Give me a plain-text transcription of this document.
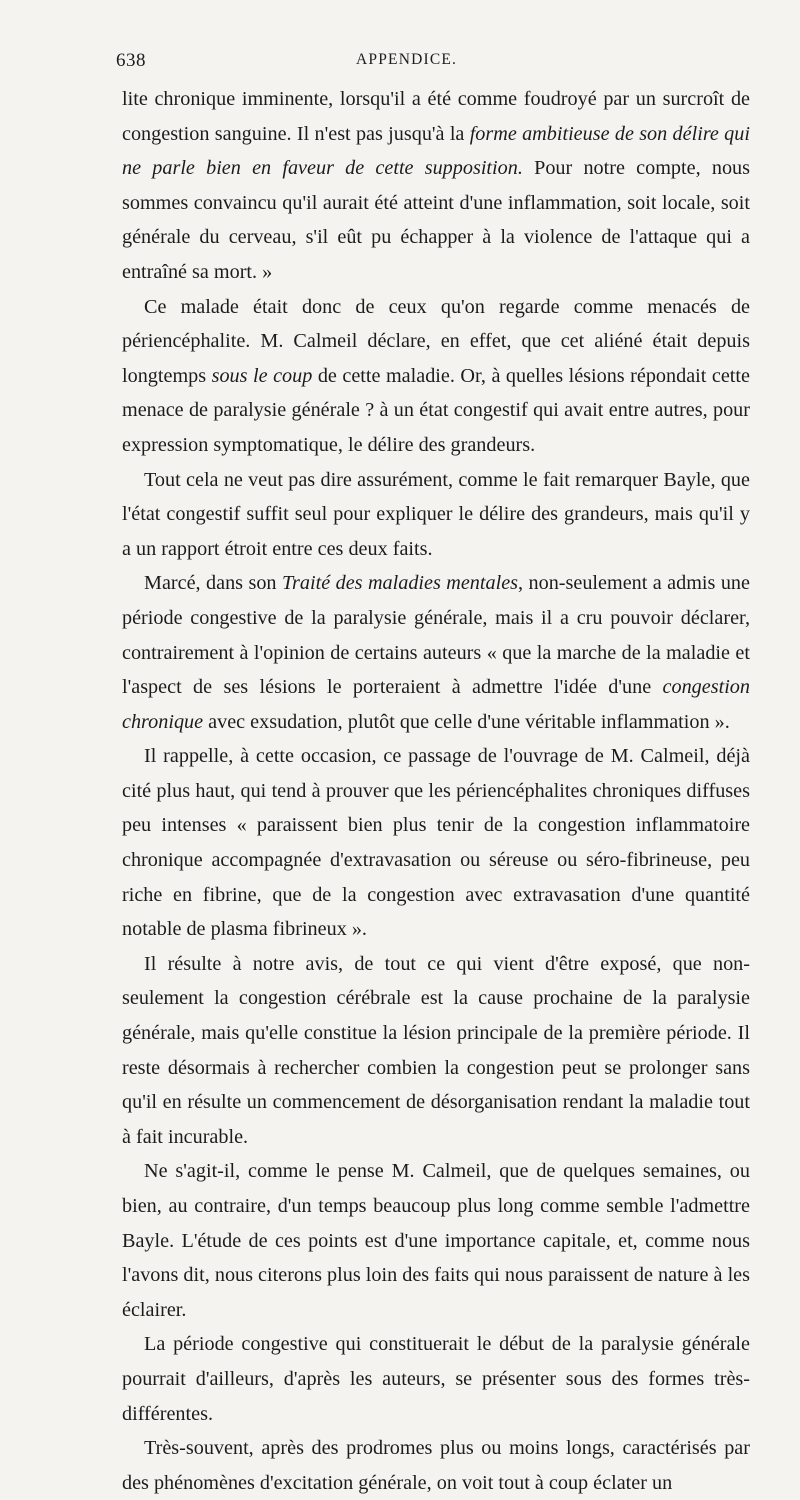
638	APPENDICE.

lite chronique imminente, lorsqu'il a été comme foudroyé par un surcroît de congestion sanguine. Il n'est pas jusqu'à la forme ambitieuse de son délire qui ne parle bien en faveur de cette supposition. Pour notre compte, nous sommes convaincu qu'il aurait été atteint d'une inflammation, soit locale, soit générale du cerveau, s'il eût pu échapper à la violence de l'attaque qui a entraîné sa mort. »

Ce malade était donc de ceux qu'on regarde comme menacés de périencéphalite. M. Calmeil déclare, en effet, que cet aliéné était depuis longtemps sous le coup de cette maladie. Or, à quelles lésions répondait cette menace de paralysie générale ? à un état congestif qui avait entre autres, pour expression symptomatique, le délire des grandeurs.

Tout cela ne veut pas dire assurément, comme le fait remarquer Bayle, que l'état congestif suffit seul pour expliquer le délire des grandeurs, mais qu'il y a un rapport étroit entre ces deux faits.

Marcé, dans son Traité des maladies mentales, non-seulement a admis une période congestive de la paralysie générale, mais il a cru pouvoir déclarer, contrairement à l'opinion de certains auteurs « que la marche de la maladie et l'aspect de ses lésions le porteraient à admettre l'idée d'une congestion chronique avec exsudation, plutôt que celle d'une véritable inflammation ».

Il rappelle, à cette occasion, ce passage de l'ouvrage de M. Calmeil, déjà cité plus haut, qui tend à prouver que les périencéphalites chroniques diffuses peu intenses « paraissent bien plus tenir de la congestion inflammatoire chronique accompagnée d'extravasation ou séreuse ou séro-fibrineuse, peu riche en fibrine, que de la congestion avec extravasation d'une quantité notable de plasma fibrineux ».

Il résulte à notre avis, de tout ce qui vient d'être exposé, que non-seulement la congestion cérébrale est la cause prochaine de la paralysie générale, mais qu'elle constitue la lésion principale de la première période. Il reste désormais à rechercher combien la congestion peut se prolonger sans qu'il en résulte un commencement de désorganisation rendant la maladie tout à fait incurable.

Ne s'agit-il, comme le pense M. Calmeil, que de quelques semaines, ou bien, au contraire, d'un temps beaucoup plus long comme semble l'admettre Bayle. L'étude de ces points est d'une importance capitale, et, comme nous l'avons dit, nous citerons plus loin des faits qui nous paraissent de nature à les éclairer.

La période congestive qui constituerait le début de la paralysie générale pourrait d'ailleurs, d'après les auteurs, se présenter sous des formes très-différentes.

Très-souvent, après des prodromes plus ou moins longs, caractérisés par des phénomènes d'excitation générale, on voit tout à coup éclater un
